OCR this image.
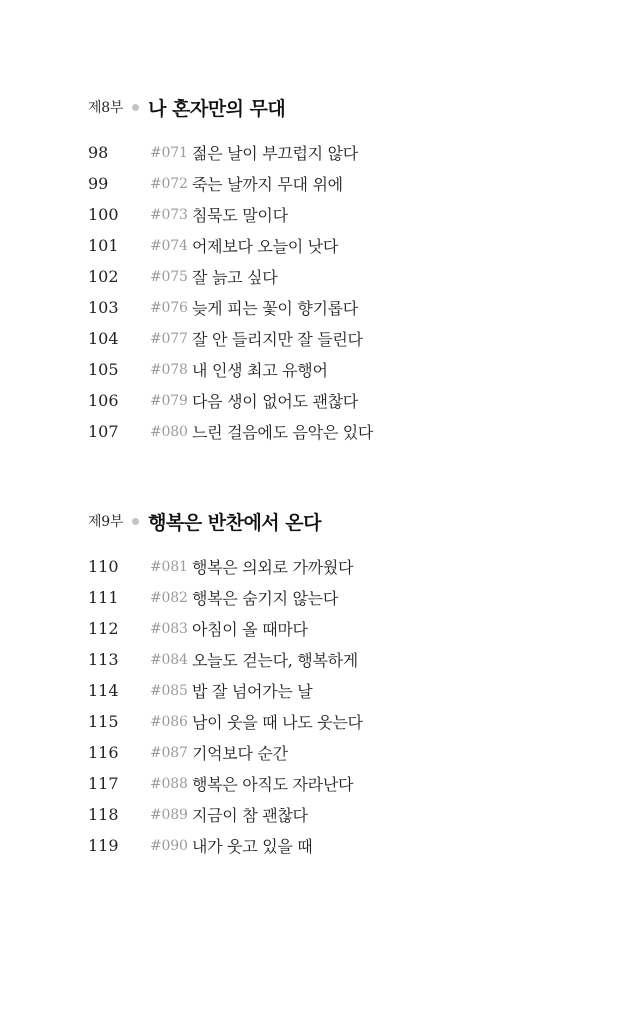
제8부 나 혼자만의 무대
98	#071 젊은 날이 부끄럽지 않다
99	#072 죽는 날까지 무대 위에
100	#073 침묵도 말이다
101	#074 어제보다 오늘이 낫다
102	#075 잘 늙고 싶다
103	#076 늦게 피는 꽃이 향기롭다
104	#077 잘 안 들리지만 잘 들린다
105	#078 내 인생 최고 유행어
106	#079 다음 생이 없어도 괜찮다
107	#080 느린 걸음에도 음악은 있다
제9부 행복은 반찬에서 온다
110	#081 행복은 의외로 가까웠다
111	#082 행복은 숨기지 않는다
112	#083 아침이 올 때마다
113	#084 오늘도 걷는다, 행복하게
114	#085 밥 잘 넘어가는 날
115	#086 남이 웃을 때 나도 웃는다
116	#087 기억보다 순간
117	#088 행복은 아직도 자라난다
118	#089 지금이 참 괜찮다
119	#090 내가 웃고 있을 때
